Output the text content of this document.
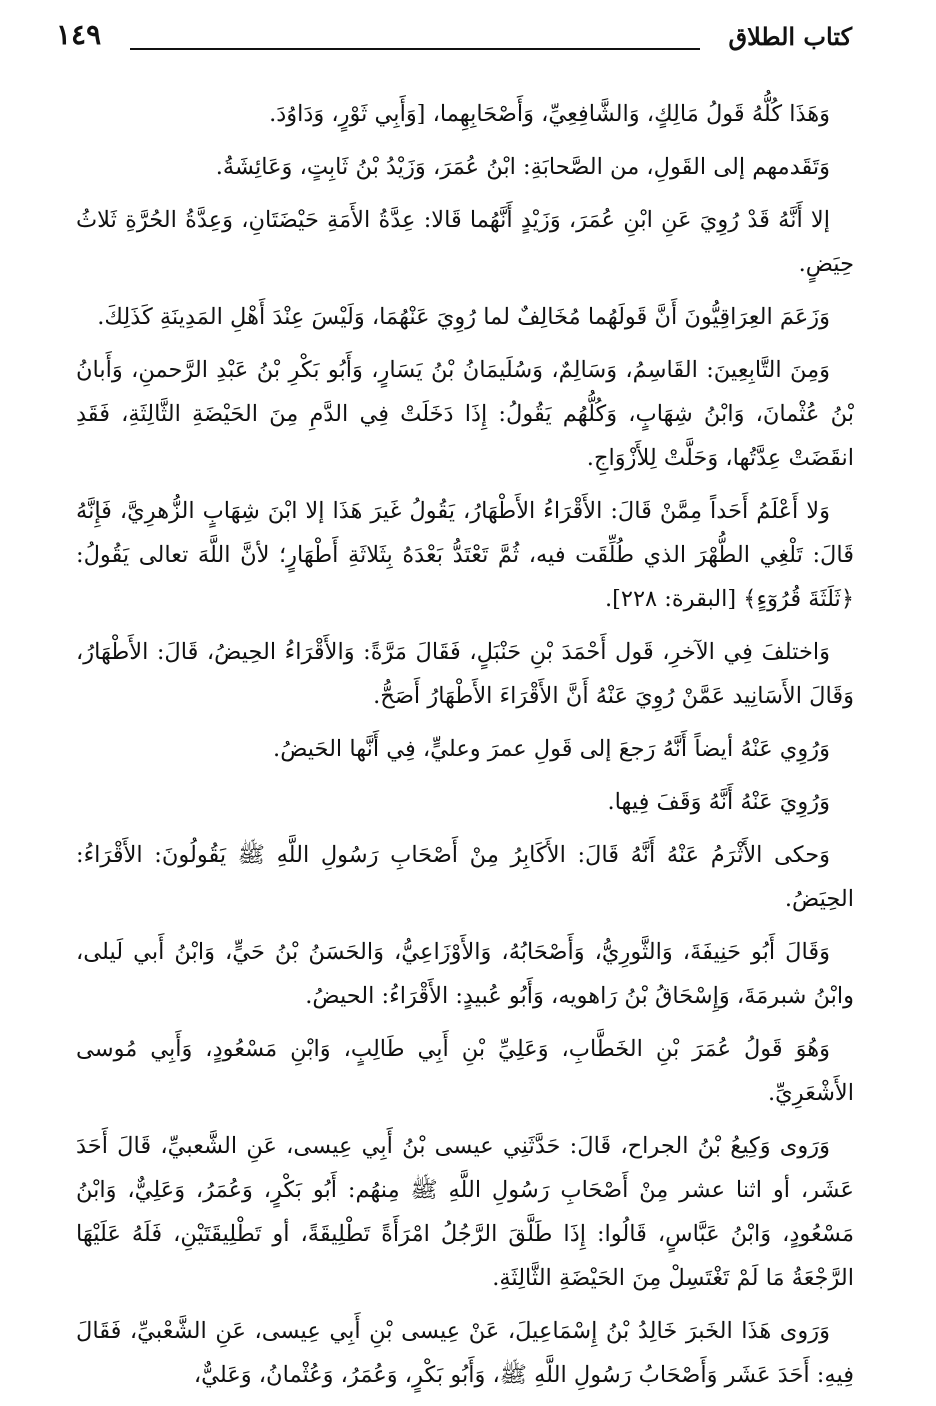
كتاب الطلاق
١٤٩

وَهَذَا كُلُّهُ قَولُ مَالِكٍ، وَالشَّافِعِيِّ، وَأَصْحَابِهِما، [وَأَبِي ثَوْرٍ، وَدَاوُدَ.

وَتَقَدمهم إلى القَولِ، من الصَّحابَةِ: ابْنُ عُمَرَ، وَزَيْدُ بْنُ ثَابِتٍ، وَعَائِشَةُ.

إلا أَنَّهُ قَدْ رُوِيَ عَنِ ابْنِ عُمَرَ، وَزَيْدٍ أَنَّهُما قَالا: عِدَّةُ الأَمَةِ حَيْضَتَانِ، وَعِدَّةُ الحُرَّةِ ثَلاثُ حِيَضٍ.

وَزَعَمَ العِرَاقِيُّونَ أَنَّ قَولَهُما مُخَالِفٌ لما رُوِيَ عَنْهُمَا، وَلَيْسَ عِنْدَ أَهْلِ المَدِينَةِ كَذَلِكَ.

وَمِنَ التَّابِعِينَ: القَاسِمُ، وَسَالِمٌ، وَسُلَيمَانُ بْنُ يَسَارٍ، وَأَبُو بَكْرِ بْنُ عَبْدِ الرَّحمنِ، وَأَبانُ بْنُ عُثْمانَ، وَابْنُ شِهَابٍ، وَكُلُّهُم يَقُولُ: إِذَا دَخَلَتْ فِي الدَّمِ مِنَ الحَيْضَةِ الثَّالِثَةِ، فَقَدِ انقَضَتْ عِدَّتُها، وَحَلَّتْ لِلأَزْوَاجِ.

وَلا أَعْلَمُ أَحَداً مِمَّنْ قَالَ: الأَقْرَاءُ الأَطْهَارُ، يَقُولُ غَيرَ هَذَا إلا ابْنَ شِهَابٍ الزُّهرِيَّ، فَإِنَّهُ قَالَ: تَلْغِي الطُّهْرَ الذي طُلِّقَت فيه، ثُمَّ تَعْتَدُّ بَعْدَهُ بِثَلاثَةِ أَطْهَارٍ؛ لأنَّ اللَّهَ تعالى يَقُولُ: ﴿ثَلَثَةَ قُرُوٓءٍ﴾ [البقرة: ٢٢٨].

وَاختلفَ فِي الآخرِ، قَول أَحْمَدَ بْنِ حَنْبَلٍ، فَقَالَ مَرَّةً: وَالأَقْرَاءُ الحِيضُ، قَالَ: الأَطْهَارُ، وَقَالَ الأَسَانِيد عَمَّنْ رُوِيَ عَنْهُ أَنَّ الأَقْرَاءَ الأَطْهَارُ أَصَحُّ.

وَرُوِي عَنْهُ أيضاً أَنَّهُ رَجعَ إلى قَولِ عمرَ وعليٍّ، فِي أَنَّها الحَيضُ.

وَرُوِيَ عَنْهُ أَنَّهُ وَقَفَ فِيها.

وَحكى الأَثْرَمُ عَنْهُ أَنَّهُ قَالَ: الأَكَابِرُ مِنْ أَصْحَابِ رَسُولِ اللَّهِ ﷺ يَقُولُونَ: الأَقْرَاءُ: الحِيَضُ.

وَقَالَ أَبُو حَنِيفَةَ، وَالثَّورِيُّ، وَأَصْحَابُهُ، وَالأَوْزَاعِيُّ، وَالحَسَنُ بْنُ حَيٍّ، وَابْنُ أَبي لَيلى، وابْنُ شبرمَةَ، وَإِسْحَاقُ بْنُ رَاهويه، وَأَبُو عُبيدٍ: الأَقْرَاءُ: الحيضُ.

وَهُوَ قَولُ عُمَرَ بْنِ الخَطَّابِ، وَعَلِيِّ بْنِ أَبِي طَالِبٍ، وَابْنِ مَسْعُودٍ، وَأَبِي مُوسى الأَشْعَرِيِّ.

وَرَوى وَكِيعُ بْنُ الجراح، قَالَ: حَدَّثَنِي عيسى بْنُ أَبِي عِيسى، عَنِ الشَّعبيِّ، قَالَ أَحَدَ عَشَر، أو اثنا عشر مِنْ أَصْحَابِ رَسُولِ اللَّهِ ﷺ مِنهُم: أَبُو بَكْرٍ، وَعُمَرُ، وَعَلِيٌّ، وَابْنُ مَسْعُودٍ، وَابْنُ عَبَّاسٍ، قَالُوا: إِذَا طَلَّقَ الرَّجُلُ امْرَأَةً تَطْلِيقَةً، أو تَطْلِيقَتَيْنِ، فَلَهُ عَلَيْهَا الرَّجْعَةُ مَا لَمْ تَغْتَسِلْ مِنَ الحَيْضَةِ الثَّالِثَةِ.

وَرَوى هَذَا الخَبرَ خَالِدُ بْنُ إِسْمَاعِيلَ، عَنْ عِيسى بْنِ أَبِي عِيسى، عَنِ الشَّعْبيِّ، فَقَالَ فِيهِ: أَحَدَ عَشَر وَأَصْحَابُ رَسُولِ اللَّهِ ﷺ، وَأَبُو بَكْرٍ، وَعُمَرُ، وَعُثْمانُ، وَعَليٌّ،
